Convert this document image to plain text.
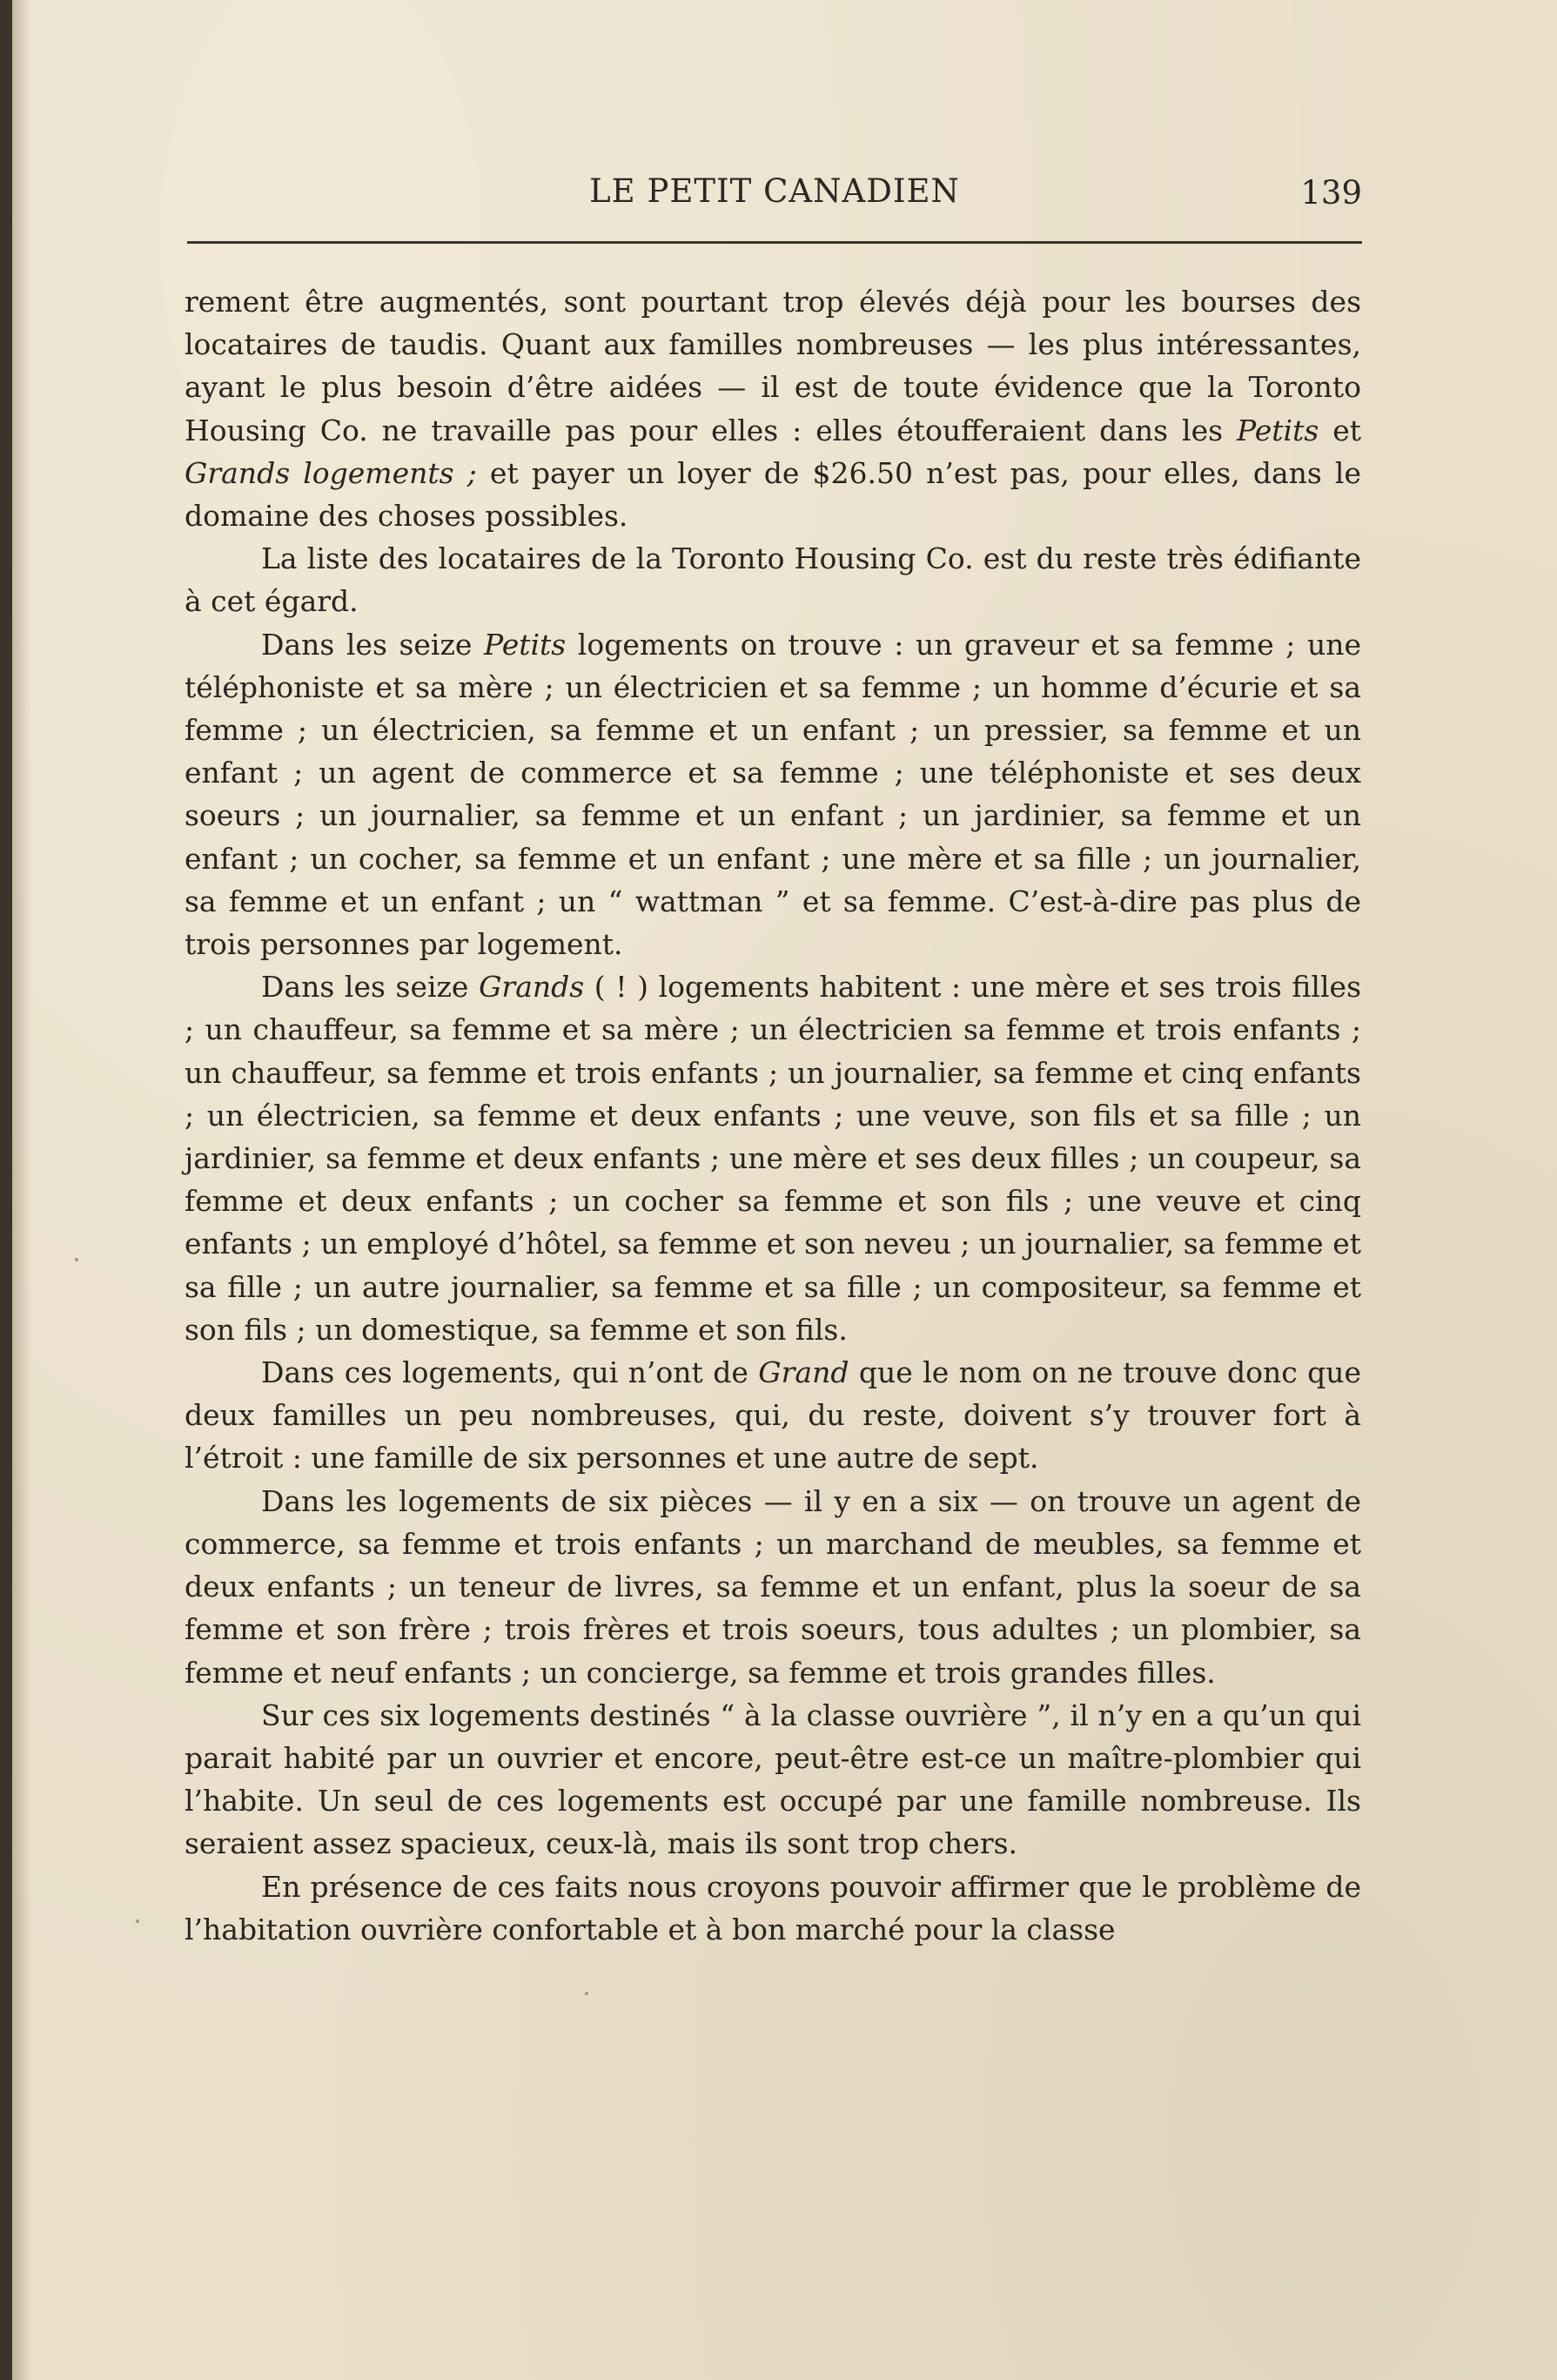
LE PETIT CANADIEN	139

rement être augmentés, sont pourtant trop élevés déjà pour les bourses des locataires de taudis. Quant aux familles nombreuses — les plus intéressantes, ayant le plus besoin d’être aidées — il est de toute évidence que la Toronto Housing Co. ne travaille pas pour elles : elles étoufferaient dans les Petits et Grands logements ; et payer un loyer de $26.50 n’est pas, pour elles, dans le domaine des choses possibles.

La liste des locataires de la Toronto Housing Co. est du reste très édifiante à cet égard.

Dans les seize Petits logements on trouve : un graveur et sa femme ; une téléphoniste et sa mère ; un électricien et sa femme ; un homme d’écurie et sa femme ; un électricien, sa femme et un enfant ; un pressier, sa femme et un enfant ; un agent de commerce et sa femme ; une téléphoniste et ses deux soeurs ; un journalier, sa femme et un enfant ; un jardinier, sa femme et un enfant ; un cocher, sa femme et un enfant ; une mère et sa fille ; un journalier, sa femme et un enfant ; un “ wattman ” et sa femme. C’est-à-dire pas plus de trois personnes par logement.

Dans les seize Grands ( ! ) logements habitent : une mère et ses trois filles ; un chauffeur, sa femme et sa mère ; un électricien sa femme et trois enfants ; un chauffeur, sa femme et trois enfants ; un journalier, sa femme et cinq enfants ; un électricien, sa femme et deux enfants ; une veuve, son fils et sa fille ; un jardinier, sa femme et deux enfants ; une mère et ses deux filles ; un coupeur, sa femme et deux enfants ; un cocher sa femme et son fils ; une veuve et cinq enfants ; un employé d’hôtel, sa femme et son neveu ; un journalier, sa femme et sa fille ; un autre journalier, sa femme et sa fille ; un compositeur, sa femme et son fils ; un domestique, sa femme et son fils.

Dans ces logements, qui n’ont de Grand que le nom on ne trouve donc que deux familles un peu nombreuses, qui, du reste, doivent s’y trouver fort à l’étroit : une famille de six personnes et une autre de sept.

Dans les logements de six pièces — il y en a six — on trouve un agent de commerce, sa femme et trois enfants ; un marchand de meubles, sa femme et deux enfants ; un teneur de livres, sa femme et un enfant, plus la soeur de sa femme et son frère ; trois frères et trois soeurs, tous adultes ; un plombier, sa femme et neuf enfants ; un concierge, sa femme et trois grandes filles.

Sur ces six logements destinés “ à la classe ouvrière ”, il n’y en a qu’un qui parait habité par un ouvrier et encore, peut-être est-ce un maître-plombier qui l’habite. Un seul de ces logements est occupé par une famille nombreuse. Ils seraient assez spacieux, ceux-là, mais ils sont trop chers.

En présence de ces faits nous croyons pouvoir affirmer que le problème de l’habitation ouvrière confortable et à bon marché pour la classe
